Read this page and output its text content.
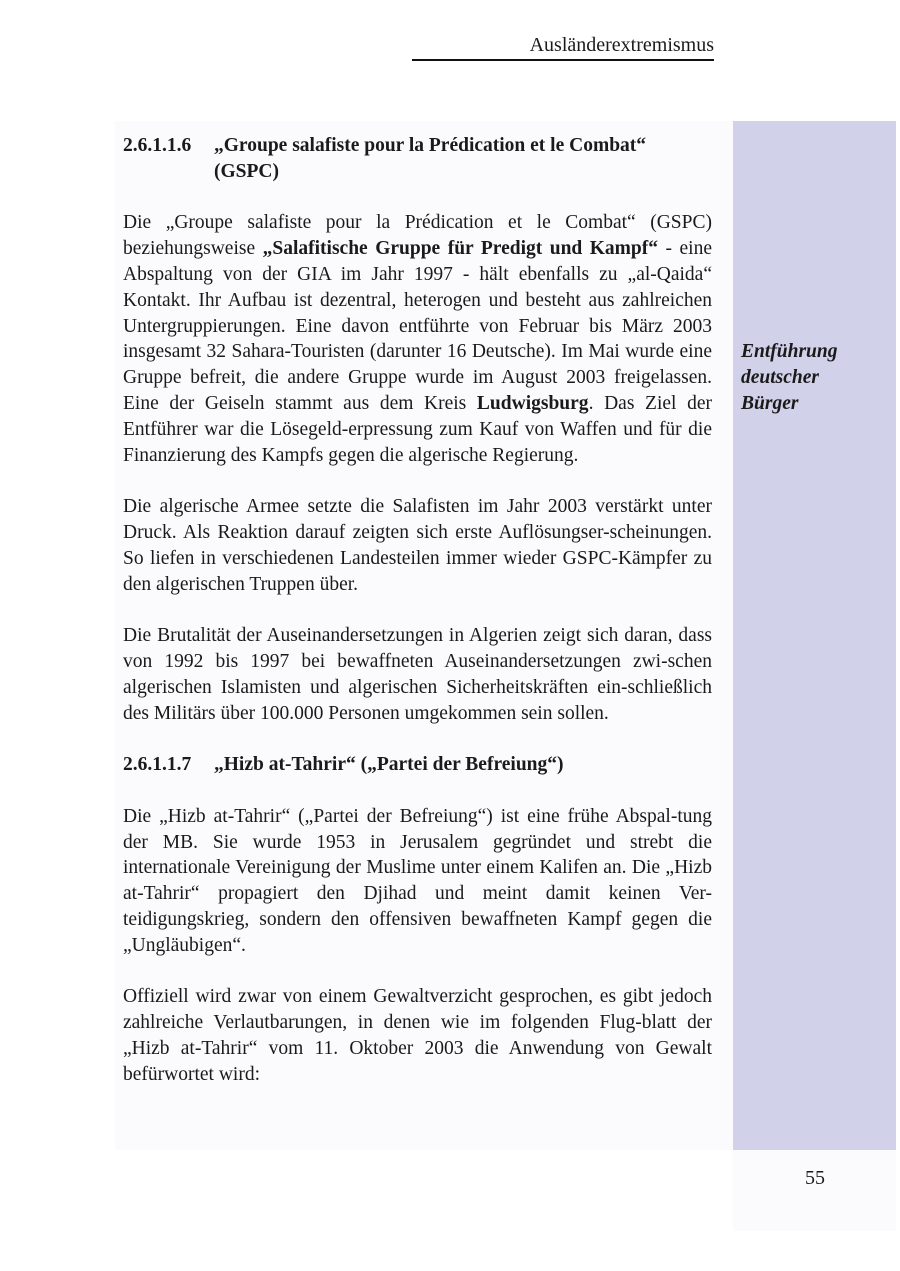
Ausländerextremismus
2.6.1.1.6	„Groupe salafiste pour la Prédication et le Combat“ (GSPC)

Die „Groupe salafiste pour la Prédication et le Combat“ (GSPC) beziehungsweise „Salafitische Gruppe für Predigt und Kampf“ - eine Abspaltung von der GIA im Jahr 1997 - hält ebenfalls zu „al-Qaida“ Kontakt. Ihr Aufbau ist dezentral, heterogen und besteht aus zahlreichen Untergruppierungen. Eine davon entführte von Februar bis März 2003 insgesamt 32 Sahara-Touristen (darunter 16 Deutsche). Im Mai wurde eine Gruppe befreit, die andere Gruppe wurde im August 2003 freigelassen. Eine der Geiseln stammt aus dem Kreis Ludwigsburg. Das Ziel der Entführer war die Lösegeld-erpressung zum Kauf von Waffen und für die Finanzierung des Kampfs gegen die algerische Regierung.

Die algerische Armee setzte die Salafisten im Jahr 2003 verstärkt unter Druck. Als Reaktion darauf zeigten sich erste Auflösungser-scheinungen. So liefen in verschiedenen Landesteilen immer wieder GSPC-Kämpfer zu den algerischen Truppen über.

Die Brutalität der Auseinandersetzungen in Algerien zeigt sich daran, dass von 1992 bis 1997 bei bewaffneten Auseinandersetzungen zwi-schen algerischen Islamisten und algerischen Sicherheitskräften ein-schließlich des Militärs über 100.000 Personen umgekommen sein sollen.

2.6.1.1.7	„Hizb at-Tahrir“ („Partei der Befreiung“)

Die „Hizb at-Tahrir“ („Partei der Befreiung“) ist eine frühe Abspal-tung der MB. Sie wurde 1953 in Jerusalem gegründet und strebt die internationale Vereinigung der Muslime unter einem Kalifen an. Die „Hizb at-Tahrir“ propagiert den Djihad und meint damit keinen Ver-teidigungskrieg, sondern den offensiven bewaffneten Kampf gegen die „Ungläubigen“.

Offiziell wird zwar von einem Gewaltverzicht gesprochen, es gibt jedoch zahlreiche Verlautbarungen, in denen wie im folgenden Flug-blatt der „Hizb at-Tahrir“ vom 11. Oktober 2003 die Anwendung von Gewalt befürwortet wird:

Entführung
deutscher
Bürger
55
